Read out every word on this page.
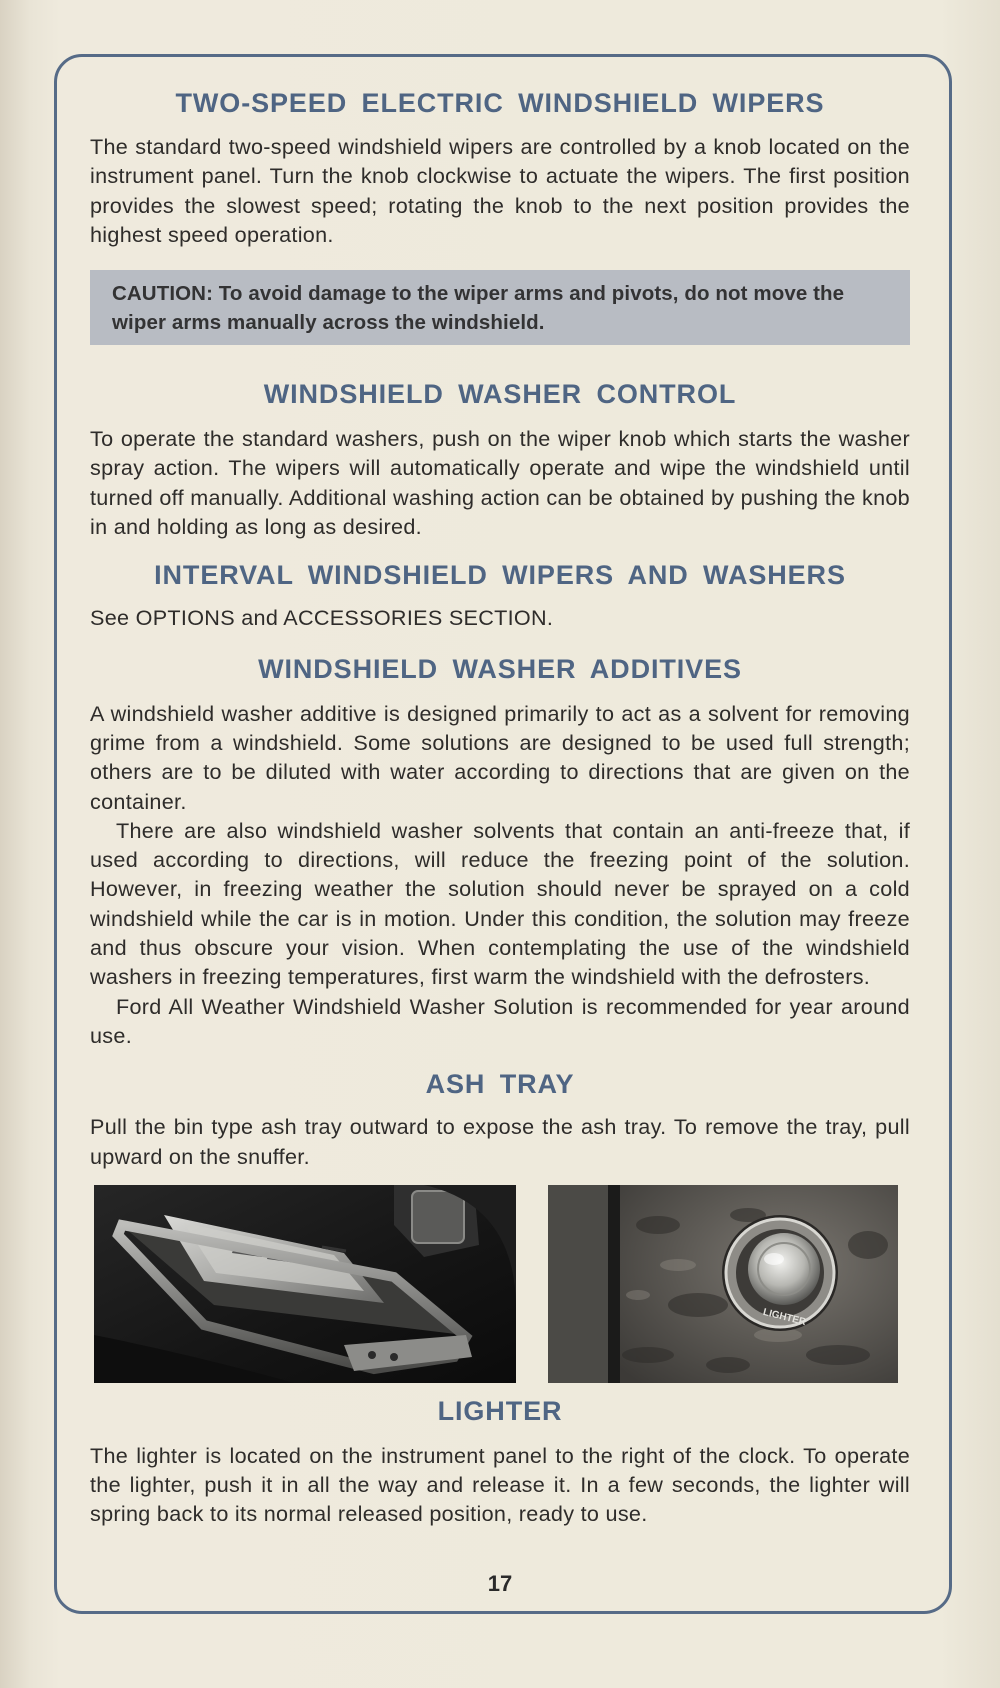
TWO-SPEED ELECTRIC WINDSHIELD WIPERS

The standard two-speed windshield wipers are controlled by a knob located on the instrument panel. Turn the knob clockwise to actuate the wipers. The first position provides the slowest speed; rotating the knob to the next position provides the highest speed operation.

CAUTION: To avoid damage to the wiper arms and pivots, do not move the wiper arms manually across the windshield.
WINDSHIELD WASHER CONTROL

To operate the standard washers, push on the wiper knob which starts the washer spray action. The wipers will automatically operate and wipe the windshield until turned off manually. Additional washing action can be obtained by pushing the knob in and holding as long as desired.

INTERVAL WINDSHIELD WIPERS AND WASHERS

See OPTIONS and ACCESSORIES SECTION.

WINDSHIELD WASHER ADDITIVES

A windshield washer additive is designed primarily to act as a solvent for removing grime from a windshield. Some solutions are designed to be used full strength; others are to be diluted with water according to directions that are given on the container.

There are also windshield washer solvents that contain an anti-freeze that, if used according to directions, will reduce the freezing point of the solution. However, in freezing weather the solution should never be sprayed on a cold windshield while the car is in motion. Under this condition, the solution may freeze and thus obscure your vision. When contemplating the use of the windshield washers in freezing temperatures, first warm the windshield with the defrosters.

Ford All Weather Windshield Washer Solution is recommended for year around use.

ASH TRAY

Pull the bin type ash tray outward to expose the ash tray. To remove the tray, pull upward on the snuffer.

LIGHTER
LIGHTER

The lighter is located on the instrument panel to the right of the clock. To operate the lighter, push it in all the way and release it. In a few seconds, the lighter will spring back to its normal released position, ready to use.

17
